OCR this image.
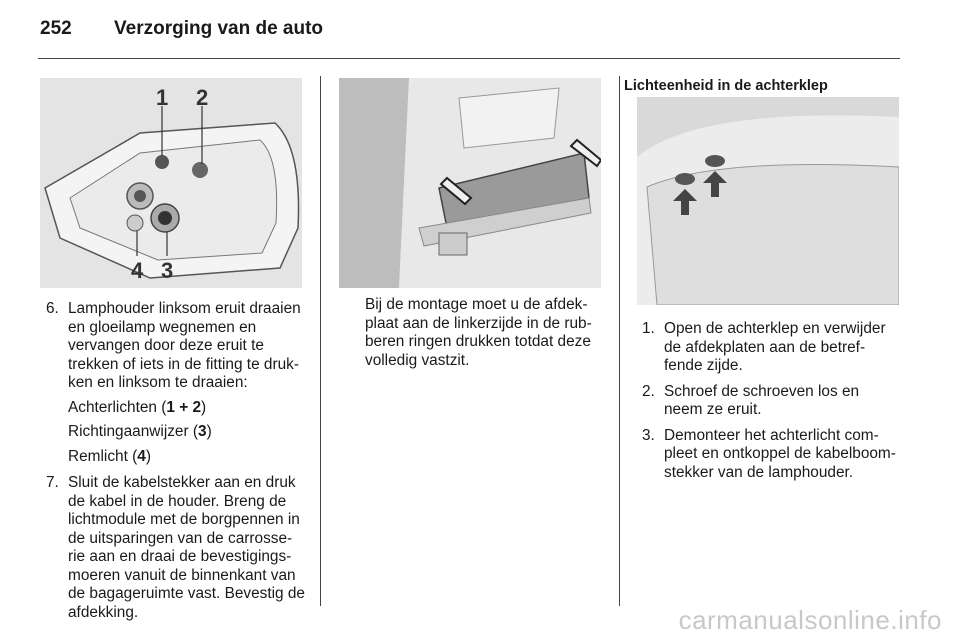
252 Verzorging van de auto
1 2
4 3
6. Lamphouder linksom eruit draaien en gloeilamp wegnemen en vervangen door deze eruit te trekken of iets in de fitting te druk-ken en linksom te draaien:
Achterlichten (1 + 2)
Richtingaanwijzer (3)
Remlicht (4)
7. Sluit de kabelstekker aan en druk de kabel in de houder. Breng de lichtmodule met de borgpennen in de uitsparingen van de carrosse-rie aan en draai de bevestigings-moeren vanuit de binnenkant van de bagageruimte vast. Bevestig de afdekking.
Bij de montage moet u de afdek-plaat aan de linkerzijde in de rub-beren ringen drukken totdat deze volledig vastzit.
Lichteenheid in de achterklep
1. Open de achterklep en verwijder de afdekplaten aan de betref-fende zijde.
2. Schroef de schroeven los en neem ze eruit.
3. Demonteer het achterlicht com-pleet en ontkoppel de kabelboom-stekker van de lamphouder.
carmanualsonline.info
